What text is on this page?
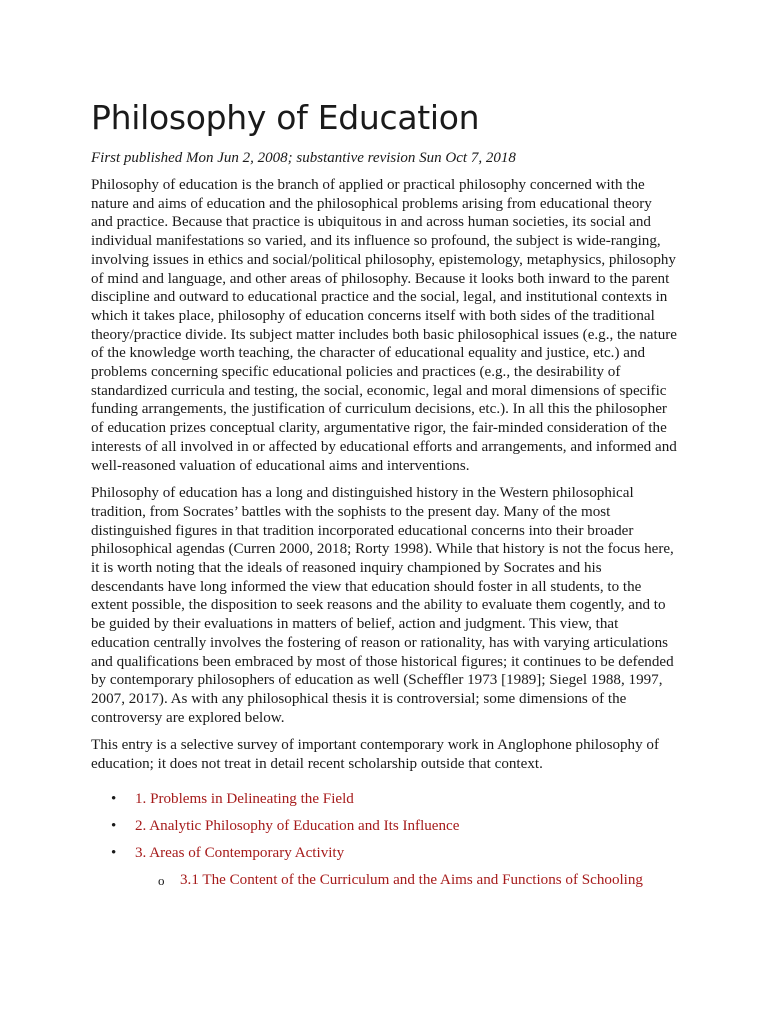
Philosophy of Education

First published Mon Jun 2, 2008; substantive revision Sun Oct 7, 2018

Philosophy of education is the branch of applied or practical philosophy concerned with the nature and aims of education and the philosophical problems arising from educational theory and practice. Because that practice is ubiquitous in and across human societies, its social and individual manifestations so varied, and its influence so profound, the subject is wide-ranging, involving issues in ethics and social/political philosophy, epistemology, metaphysics, philosophy of mind and language, and other areas of philosophy. Because it looks both inward to the parent discipline and outward to educational practice and the social, legal, and institutional contexts in which it takes place, philosophy of education concerns itself with both sides of the traditional theory/practice divide. Its subject matter includes both basic philosophical issues (e.g., the nature of the knowledge worth teaching, the character of educational equality and justice, etc.) and problems concerning specific educational policies and practices (e.g., the desirability of standardized curricula and testing, the social, economic, legal and moral dimensions of specific funding arrangements, the justification of curriculum decisions, etc.). In all this the philosopher of education prizes conceptual clarity, argumentative rigor, the fair-minded consideration of the interests of all involved in or affected by educational efforts and arrangements, and informed and well-reasoned valuation of educational aims and interventions.

Philosophy of education has a long and distinguished history in the Western philosophical tradition, from Socrates’ battles with the sophists to the present day. Many of the most distinguished figures in that tradition incorporated educational concerns into their broader philosophical agendas (Curren 2000, 2018; Rorty 1998). While that history is not the focus here, it is worth noting that the ideals of reasoned inquiry championed by Socrates and his descendants have long informed the view that education should foster in all students, to the extent possible, the disposition to seek reasons and the ability to evaluate them cogently, and to be guided by their evaluations in matters of belief, action and judgment. This view, that education centrally involves the fostering of reason or rationality, has with varying articulations and qualifications been embraced by most of those historical figures; it continues to be defended by contemporary philosophers of education as well (Scheffler 1973 [1989]; Siegel 1988, 1997, 2007, 2017). As with any philosophical thesis it is controversial; some dimensions of the controversy are explored below.

This entry is a selective survey of important contemporary work in Anglophone philosophy of education; it does not treat in detail recent scholarship outside that context.

• 1. Problems in Delineating the Field
• 2. Analytic Philosophy of Education and Its Influence
• 3. Areas of Contemporary Activity
o 3.1 The Content of the Curriculum and the Aims and Functions of Schooling
